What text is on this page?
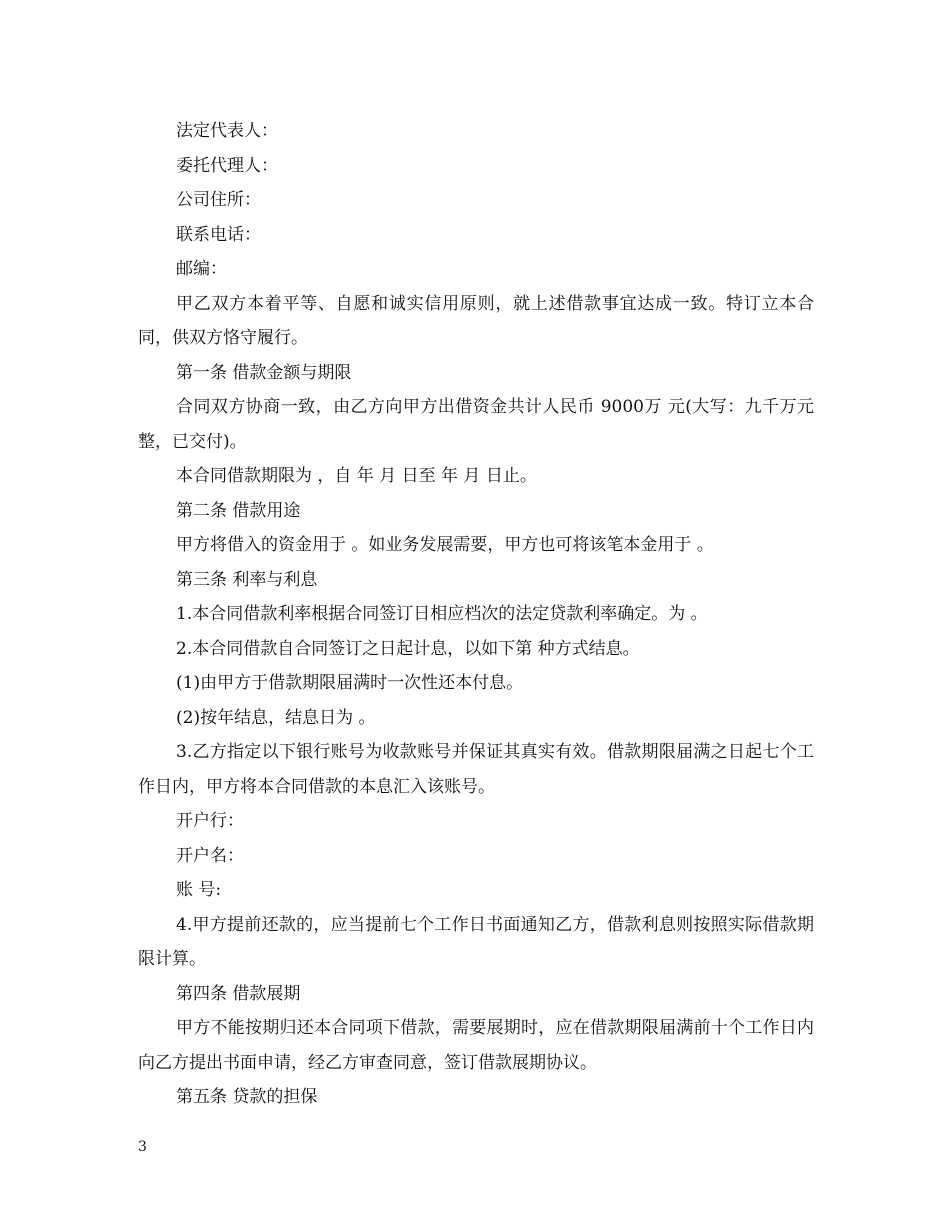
法定代表人：

委托代理人：

公司住所：

联系电话：

邮编：

甲乙双方本着平等、自愿和诚实信用原则，就上述借款事宜达成一致。特订立本合同，供双方恪守履行。

第一条 借款金额与期限

合同双方协商一致，由乙方向甲方出借资金共计人民币 9000万 元(大写：九千万元整，已交付)。

本合同借款期限为 ，自 年 月 日至 年 月 日止。

第二条 借款用途

甲方将借入的资金用于 。如业务发展需要，甲方也可将该笔本金用于 。

第三条 利率与利息

1.本合同借款利率根据合同签订日相应档次的法定贷款利率确定。为 。

2.本合同借款自合同签订之日起计息，以如下第 种方式结息。

(1)由甲方于借款期限届满时一次性还本付息。

(2)按年结息，结息日为 。

3.乙方指定以下银行账号为收款账号并保证其真实有效。借款期限届满之日起七个工作日内，甲方将本合同借款的本息汇入该账号。

开户行：

开户名：

账 号:

4.甲方提前还款的，应当提前七个工作日书面通知乙方，借款利息则按照实际借款期限计算。

第四条 借款展期

甲方不能按期归还本合同项下借款，需要展期时，应在借款期限届满前十个工作日内向乙方提出书面申请，经乙方审查同意，签订借款展期协议。

第五条 贷款的担保

3
